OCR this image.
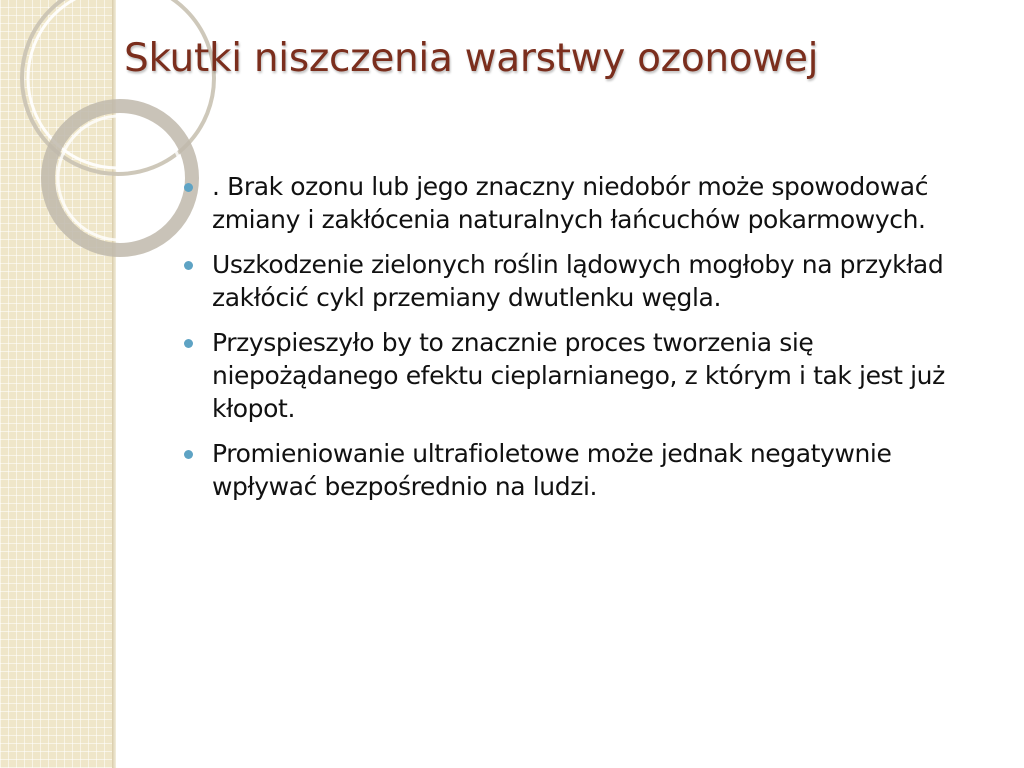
Skutki niszczenia warstwy ozonowej
. Brak ozonu lub jego znaczny niedobór może spowodować zmiany i zakłócenia naturalnych łańcuchów pokarmowych.
Uszkodzenie zielonych roślin lądowych mogłoby na przykład zakłócić cykl przemiany dwutlenku węgla.
Przyspieszyło by to znacznie proces tworzenia się niepożądanego efektu cieplarnianego, z którym i tak jest już kłopot.
Promieniowanie ultrafioletowe może jednak negatywnie wpływać bezpośrednio na ludzi.
